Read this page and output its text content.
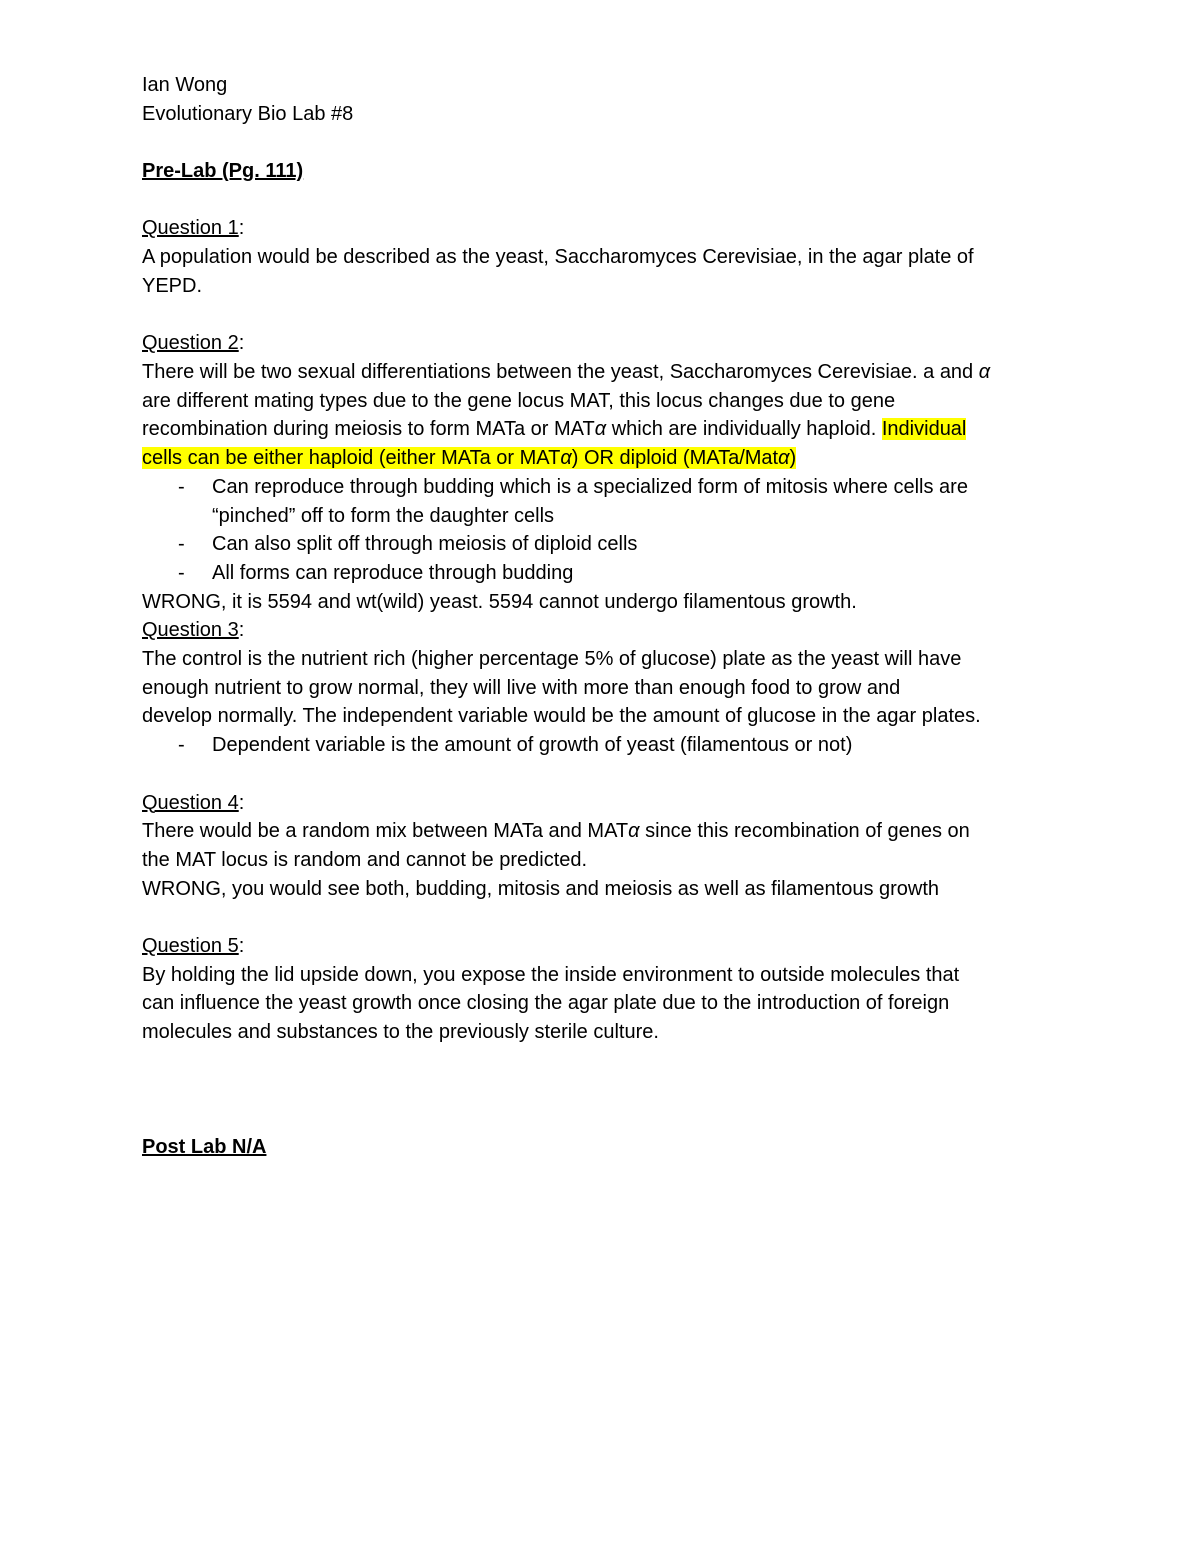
Ian Wong
Evolutionary Bio Lab #8
Pre-Lab (Pg. 111)
Question 1:
A population would be described as the yeast, Saccharomyces Cerevisiae, in the agar plate of
YEPD.
Question 2:
There will be two sexual differentiations between the yeast, Saccharomyces Cerevisiae. a and α
are different mating types due to the gene locus MAT, this locus changes due to gene
recombination during meiosis to form MATa or MATα which are individually haploid. Individual
cells can be either haploid (either MATa or MATα) OR diploid (MATa/Matα)
-	Can reproduce through budding which is a specialized form of mitosis where cells are
“pinched” off to form the daughter cells
-	Can also split off through meiosis of diploid cells
-	All forms can reproduce through budding
WRONG, it is 5594 and wt(wild) yeast. 5594 cannot undergo filamentous growth.
Question 3:
The control is the nutrient rich (higher percentage 5% of glucose) plate as the yeast will have
enough nutrient to grow normal, they will live with more than enough food to grow and
develop normally. The independent variable would be the amount of glucose in the agar plates.
-	Dependent variable is the amount of growth of yeast (filamentous or not)
Question 4:
There would be a random mix between MATa and MATα since this recombination of genes on
the MAT locus is random and cannot be predicted.
WRONG, you would see both, budding, mitosis and meiosis as well as filamentous growth
Question 5:
By holding the lid upside down, you expose the inside environment to outside molecules that
can influence the yeast growth once closing the agar plate due to the introduction of foreign
molecules and substances to the previously sterile culture.
Post Lab N/A
